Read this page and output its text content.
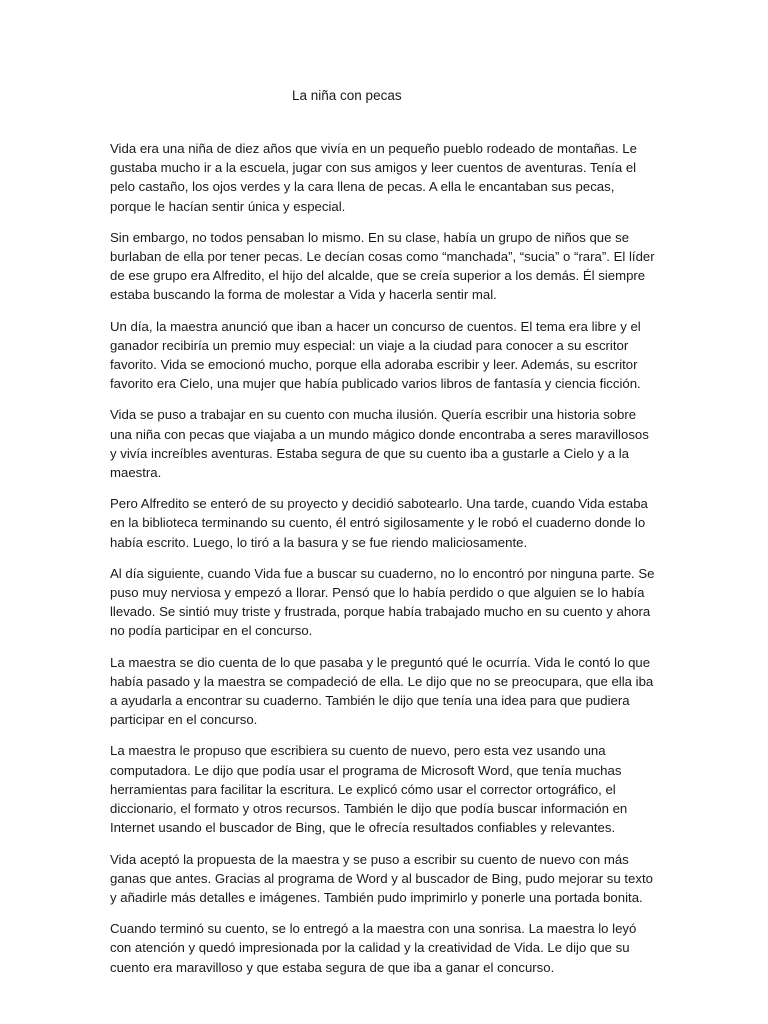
La niña con pecas

Vida era una niña de diez años que vivía en un pequeño pueblo rodeado de montañas. Le gustaba mucho ir a la escuela, jugar con sus amigos y leer cuentos de aventuras. Tenía el pelo castaño, los ojos verdes y la cara llena de pecas. A ella le encantaban sus pecas, porque le hacían sentir única y especial.

Sin embargo, no todos pensaban lo mismo. En su clase, había un grupo de niños que se burlaban de ella por tener pecas. Le decían cosas como “manchada”, “sucia” o “rara”. El líder de ese grupo era Alfredito, el hijo del alcalde, que se creía superior a los demás. Él siempre estaba buscando la forma de molestar a Vida y hacerla sentir mal.

Un día, la maestra anunció que iban a hacer un concurso de cuentos. El tema era libre y el ganador recibiría un premio muy especial: un viaje a la ciudad para conocer a su escritor favorito. Vida se emocionó mucho, porque ella adoraba escribir y leer. Además, su escritor favorito era Cielo, una mujer que había publicado varios libros de fantasía y ciencia ficción.

Vida se puso a trabajar en su cuento con mucha ilusión. Quería escribir una historia sobre una niña con pecas que viajaba a un mundo mágico donde encontraba a seres maravillosos y vivía increíbles aventuras. Estaba segura de que su cuento iba a gustarle a Cielo y a la maestra.

Pero Alfredito se enteró de su proyecto y decidió sabotearlo. Una tarde, cuando Vida estaba en la biblioteca terminando su cuento, él entró sigilosamente y le robó el cuaderno donde lo había escrito. Luego, lo tiró a la basura y se fue riendo maliciosamente.

Al día siguiente, cuando Vida fue a buscar su cuaderno, no lo encontró por ninguna parte. Se puso muy nerviosa y empezó a llorar. Pensó que lo había perdido o que alguien se lo había llevado. Se sintió muy triste y frustrada, porque había trabajado mucho en su cuento y ahora no podía participar en el concurso.

La maestra se dio cuenta de lo que pasaba y le preguntó qué le ocurría. Vida le contó lo que había pasado y la maestra se compadeció de ella. Le dijo que no se preocupara, que ella iba a ayudarla a encontrar su cuaderno. También le dijo que tenía una idea para que pudiera participar en el concurso.

La maestra le propuso que escribiera su cuento de nuevo, pero esta vez usando una computadora. Le dijo que podía usar el programa de Microsoft Word, que tenía muchas herramientas para facilitar la escritura. Le explicó cómo usar el corrector ortográfico, el diccionario, el formato y otros recursos. También le dijo que podía buscar información en Internet usando el buscador de Bing, que le ofrecía resultados confiables y relevantes.

Vida aceptó la propuesta de la maestra y se puso a escribir su cuento de nuevo con más ganas que antes. Gracias al programa de Word y al buscador de Bing, pudo mejorar su texto y añadirle más detalles e imágenes. También pudo imprimirlo y ponerle una portada bonita.

Cuando terminó su cuento, se lo entregó a la maestra con una sonrisa. La maestra lo leyó con atención y quedó impresionada por la calidad y la creatividad de Vida. Le dijo que su cuento era maravilloso y que estaba segura de que iba a ganar el concurso.
